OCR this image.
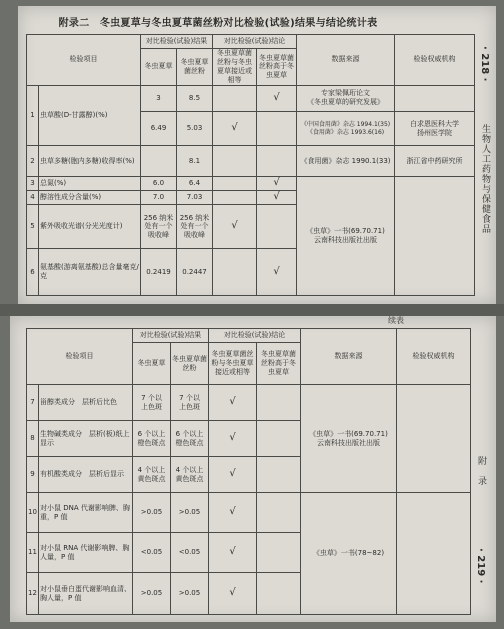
附录二　冬虫夏草与冬虫夏草菌丝粉对比检验(试验)结果与结论统计表
检验项目		对比检验(试验)结果		对比检验(试验)结论		数据来源	检验权威机构
		冬虫夏草	冬虫夏草菌丝粉	冬虫夏草菌丝粉与冬虫夏草接近或相等	冬虫夏草菌丝粉高于冬虫夏草		
1	虫草酸(D-甘露醇)(%)	3	8.5		√	专家梁佩珩论文
《冬虫夏草的研究发展》	
		6.49	5.03	√		《中国食用菌》杂志 1994.1(35)
《食用菌》杂志 1993.6(16)	白求恩医科大学
扬州医学院
2	虫草多糖(胞内多糖)收得率(%)		8.1			《食用菌》杂志 1990.1(33)	浙江省中药研究所
3	总氮(%)	6.0	6.4		√	《虫草》一书(69.70.71)
云南科技出版社出版	
4	醇溶性成分含量(%)	7.0	7.03		√		
5	紫外吸收光谱(分光光度计)	256 纳米
处有一个
吸收峰	256 纳米
处有一个
吸收峰	√			
6	氨基酸(游离氨基酸)总含量毫克/克	0.2419	0.2447		√		
· 218 ·
生物人工药物与保健食品
续表
检验项目		对比检验(试验)结果		对比检验(试验)结论		数据来源	检验权威机构
		冬虫夏草	冬虫夏草菌丝粉	冬虫夏草菌丝粉与冬虫夏草接近或相等	冬虫夏草菌丝粉高于冬虫夏草		
7	甾醇类成分　层析后比色	7 个以
上色斑	7 个以
上色斑	√		《虫草》一书(69.70.71)
云南科技出版社出版	
8	生物碱类成分　层析(板)纸上显示	6 个以上
橙色斑点	6 个以上
橙色斑点	√			
9	有机酸类成分　层析后显示	4 个以上
黄色斑点	4 个以上
黄色斑点	√			
10	对小鼠 DNA 代谢影响脾、胸重，P 值	>0.05	>0.05	√		《虫草》一书(78~82)	
11	对小鼠 RNA 代谢影响脾、胸人量，P 值	<0.05	<0.05	√			
12	对小鼠垂白蛋代谢影响血清、胸人量，P 值	>0.05	>0.05	√			
附　录
· 219 ·
